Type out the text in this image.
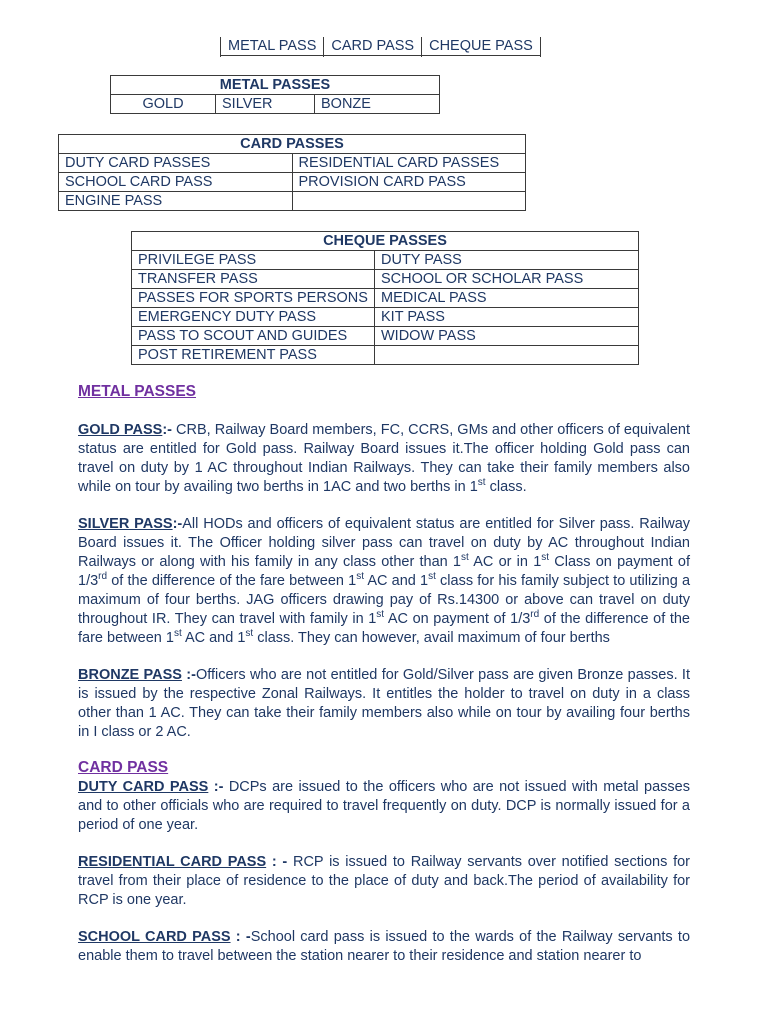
METAL PASS	CARD PASS	CHEQUE PASS
METAL PASSES
GOLD	SILVER	BONZE
CARD PASSES	
DUTY CARD PASSES	RESIDENTIAL CARD PASSES
SCHOOL CARD PASS	PROVISION CARD PASS
ENGINE PASS	
CHEQUE PASSES	
PRIVILEGE PASS	DUTY PASS
TRANSFER PASS	SCHOOL OR SCHOLAR PASS
PASSES FOR SPORTS PERSONS	MEDICAL PASS
EMERGENCY DUTY PASS	KIT PASS
PASS TO SCOUT AND GUIDES	WIDOW PASS
POST RETIREMENT PASS	
METAL PASSES

GOLD PASS:- CRB, Railway Board members, FC, CCRS, GMs and other officers of equivalent status are entitled for Gold pass. Railway Board issues it.The officer holding Gold pass can travel on duty by 1 AC throughout Indian Railways. They can take their family members also while on tour by availing two berths in 1AC and two berths in 1st class.

SILVER PASS:-All HODs and officers of equivalent status are entitled for Silver pass. Railway Board issues it. The Officer holding silver pass can travel on duty by AC throughout Indian Railways or along with his family in any class other than 1st AC or in 1st Class on payment of 1/3rd of the difference of the fare between 1st AC and 1st class for his family subject to utilizing a maximum of four berths. JAG officers drawing pay of Rs.14300 or above can travel on duty throughout IR. They can travel with family in 1st AC on payment of 1/3rd of the difference of the fare between 1st AC and 1st class. They can however, avail maximum of four berths

BRONZE PASS :-Officers who are not entitled for Gold/Silver pass are given Bronze passes. It is issued by the respective Zonal Railways. It entitles the holder to travel on duty in a class other than 1 AC. They can take their family members also while on tour by availing four berths in I class or 2 AC.

CARD PASS

DUTY CARD PASS :- DCPs are issued to the officers who are not issued with metal passes and to other officials who are required to travel frequently on duty. DCP is normally issued for a period of one year.

RESIDENTIAL CARD PASS : - RCP is issued to Railway servants over notified sections for travel from their place of residence to the place of duty and back.The period of availability for RCP is one year.

SCHOOL CARD PASS : -School card pass is issued to the wards of the Railway servants to enable them to travel between the station nearer to their residence and station nearer to
